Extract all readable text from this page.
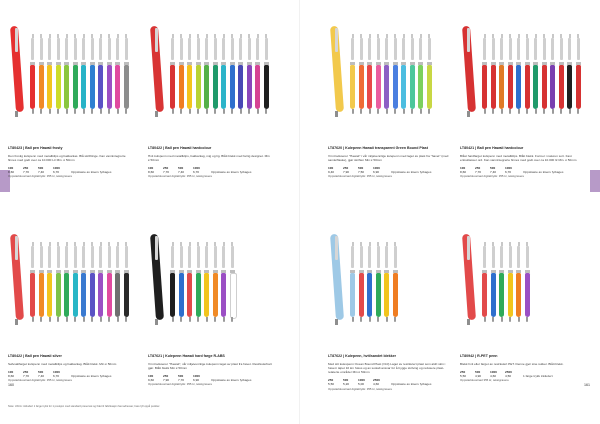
LT80423 | Ball pen Hawaii frosty
Den frostig kulspenn med metallklips og bakkanlas. Blå skrifttinge. Kan vannintegrerte finnes med godt over ca 10.000 Ltr Min. ≥ 50mm
100	250	500	1000
8,60	7,70	7,40	6,70	Oppstiaste av kisers fytbages
Oppstartskostnad digitaltrykk: 355 kr, tekstgravere
LT80422 | Ball pen Hawaii hardcolour
Hvit kulspenn med metallklips, bakkanlag, mig og lig. Blått blekk med farrig designet. Min ≥ 50mm
100	250	500	1000
8,60	7,70	7,40	6,70	Oppstiaste av kisers fytbages
Oppstartskostnad digitaltrykk: 355 kr, tekstgravere
LT87620 | Kulepenn Hawaii transparent Green Bound Plast
Vi introduserer "Hawaii" i vår miljøvennlige kulepenn med laget av plast fra "havet" (med samle/flaske), gjør skriften Min ≥ 50mm
100	250	500	1000
9,40	7,90	7,50	6,90	Oppstiaste av kisers fytbages
Oppstartskostnad digitaltrykk: 355 kr, tekstgravere
LT80421 | Ball pen Hawaii hardcolour
Blåst hardfarget kulspenn med metallklips. Blått blekk. Former i naturen sort. Fast entreklasser ord. Kan vannintegrerte finnes med godt over ca 10.000 ltr Min. ≥ 50mm
100	250	500	1000
8,60	7,70	7,40	6,70	Oppstiaste av kisers fytbages
Oppstartskostnad digitaltrykk: 355 kr, tekstgravere
LT80422 | Ball pen Hawaii silver
Sølvsaltfarget kulspenn med metallklips og bakkanlag. Blått blekk. Min ≥ 50mm
100	250	500	1000
8,60	7,70	7,40	6,70	Oppstiaste av kisers fytbages
Oppstartskostnad digitaltrykk: 355 kr, tekstgravere
LT87621 | Kulepenn Hawaii hard farge R-ABS
Vi introduserer "Hawaii", vår miljøvennlige kulepenn laget av plast fra havet. Resirkulerbart gjør. Blått blekk Min ≥ 50mm
100	250	500	1000
9,60	7,90	7,70	6,90	Oppstiaste av kisers fytbages
Oppstartskostnad digitaltrykk: 355 kr, tekstgravere
LT87622 | Kulepenn, hvit/sandet blekker
Med sitt kulespenn Ocean Bound Plast (Ord) Laget av resirkulert plast som aldri skin i havet i løpet 10 km fokus og av sosialt ansvar for å bygge skriving og redusere plast-relaterte områder Min ≥ 50mm
250	500	1000	2500
5,50	5,20	5,00	4,60	Oppstiaste av kisers fytbages
Oppstartskostnad digitaltrykk: 355 kr, tekstgravere
LT80942 | R-PET penn
Blekk hvit eller farget av resirkulert PET. Denne gjør sine rekker. Blått blekk.
250	500	1000	2500
5,50	4,90	4,60	4,50	1 farge trykk inkludert
Oppstartskostnad 355 kr, tekstgravere
160	161
Note: VACA: inkludert 1 farge trykk for 1 posisjon med standard preservat og frakt til fabrikasjon fast adresser, bare fyll oppå punkter.
